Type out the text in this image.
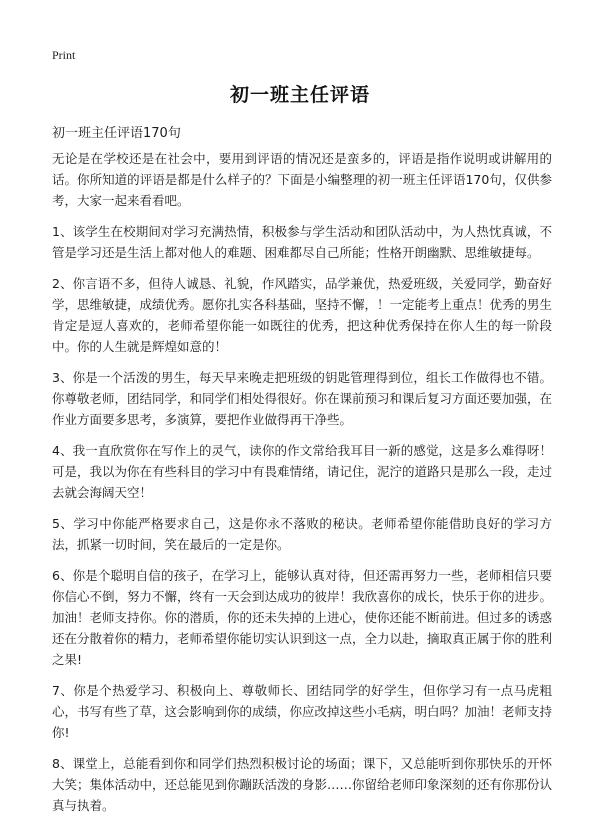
Print
初一班主任评语

初一班主任评语170句

无论是在学校还是在社会中，要用到评语的情况还是蛮多的，评语是指作说明或讲解用的话。你所知道的评语是都是什么样子的？下面是小编整理的初一班主任评语170句，仅供参考，大家一起来看看吧。

1、该学生在校期间对学习充满热情，积极参与学生活动和团队活动中，为人热忱真诚，不管是学习还是生活上都对他人的难题、困难都尽自己所能；性格开朗幽默、思维敏捷每。

2、你言语不多，但待人诚恳、礼貌，作风踏实，品学兼优，热爱班级，关爱同学，勤奋好学，思维敏捷，成绩优秀。愿你扎实各科基础，坚持不懈，！一定能考上重点！优秀的男生肯定是逗人喜欢的，老师希望你能一如既往的优秀，把这种优秀保持在你人生的每一阶段中。你的人生就是辉煌如意的！

3、你是一个活泼的男生，每天早来晚走把班级的钥匙管理得到位，组长工作做得也不错。你尊敬老师，团结同学，和同学们相处得很好。你在课前预习和课后复习方面还要加强，在作业方面要多思考，多演算，要把作业做得再干净些。

4、我一直欣赏你在写作上的灵气，读你的作文常给我耳目一新的感觉，这是多么难得呀！可是，我以为你在有些科目的学习中有畏难情绪，请记住，泥泞的道路只是那么一段，走过去就会海阔天空！

5、学习中你能严格要求自己，这是你永不落败的秘诀。老师希望你能借助良好的学习方法，抓紧一切时间，笑在最后的一定是你。

6、你是个聪明自信的孩子，在学习上，能够认真对待，但还需再努力一些，老师相信只要你信心不倒，努力不懈，终有一天会到达成功的彼岸！我欣喜你的成长，快乐于你的进步。加油！老师支持你。你的潜质，你的还未失掉的上进心，使你还能不断前进。但过多的诱惑还在分散着你的精力，老师希望你能切实认识到这一点，全力以赴，摘取真正属于你的胜利之果!

7、你是个热爱学习、积极向上、尊敬师长、团结同学的好学生，但你学习有一点马虎粗心，书写有些了草，这会影响到你的成绩，你应改掉这些小毛病，明白吗？加油！老师支持你!

8、课堂上，总能看到你和同学们热烈积极讨论的场面；课下，又总能听到你那快乐的开怀大笑；集体活动中，还总能见到你蹦跃活泼的身影……你留给老师印象深刻的还有你那份认真与执着。
